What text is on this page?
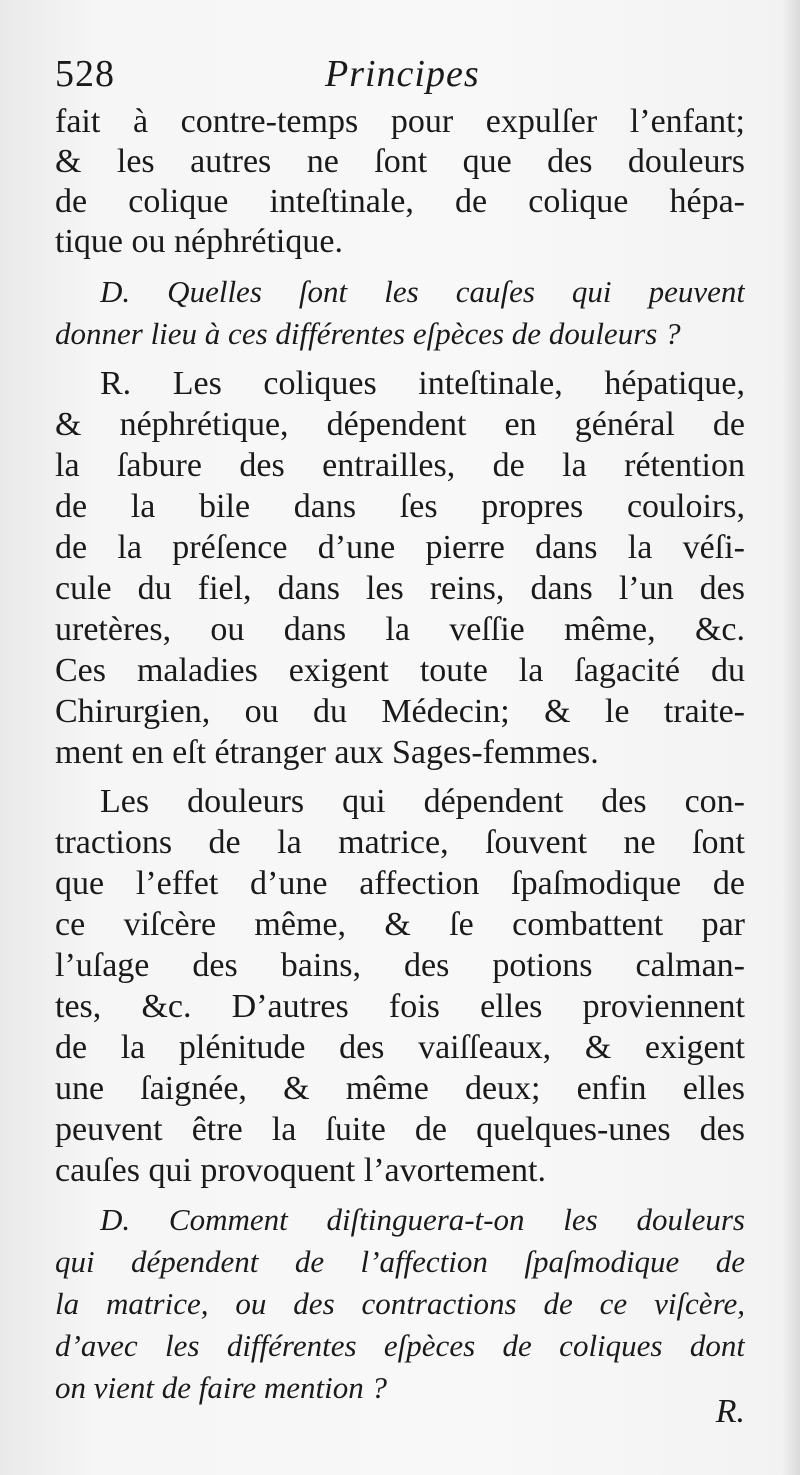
528	Principes
fait à contre-temps pour expulſer l’enfant;
& les autres ne ſont que des douleurs
de colique inteſtinale, de colique hépa-
tique ou néphrétique.
D. Quelles ſont les cauſes qui peuvent
donner lieu à ces différentes eſpèces de douleurs ?
R. Les coliques inteſtinale, hépatique,
& néphrétique, dépendent en général de
la ſabure des entrailles, de la rétention
de la bile dans ſes propres couloirs,
de la préſence d’une pierre dans la véſi-
cule du fiel, dans les reins, dans l’un des
uretères, ou dans la veſſie même, &c.
Ces maladies exigent toute la ſagacité du
Chirurgien, ou du Médecin; & le traite-
ment en eſt étranger aux Sages-femmes.
Les douleurs qui dépendent des con-
tractions de la matrice, ſouvent ne ſont
que l’effet d’une affection ſpaſmodique de
ce viſcère même, & ſe combattent par
l’uſage des bains, des potions calman-
tes, &c. D’autres fois elles proviennent
de la plénitude des vaiſſeaux, & exigent
une ſaignée, & même deux; enfin elles
peuvent être la ſuite de quelques-unes des
cauſes qui provoquent l’avortement.
D. Comment diſtinguera-t-on les douleurs
qui dépendent de l’affection ſpaſmodique de
la matrice, ou des contractions de ce viſcère,
d’avec les différentes eſpèces de coliques dont
on vient de faire mention ?
R.
